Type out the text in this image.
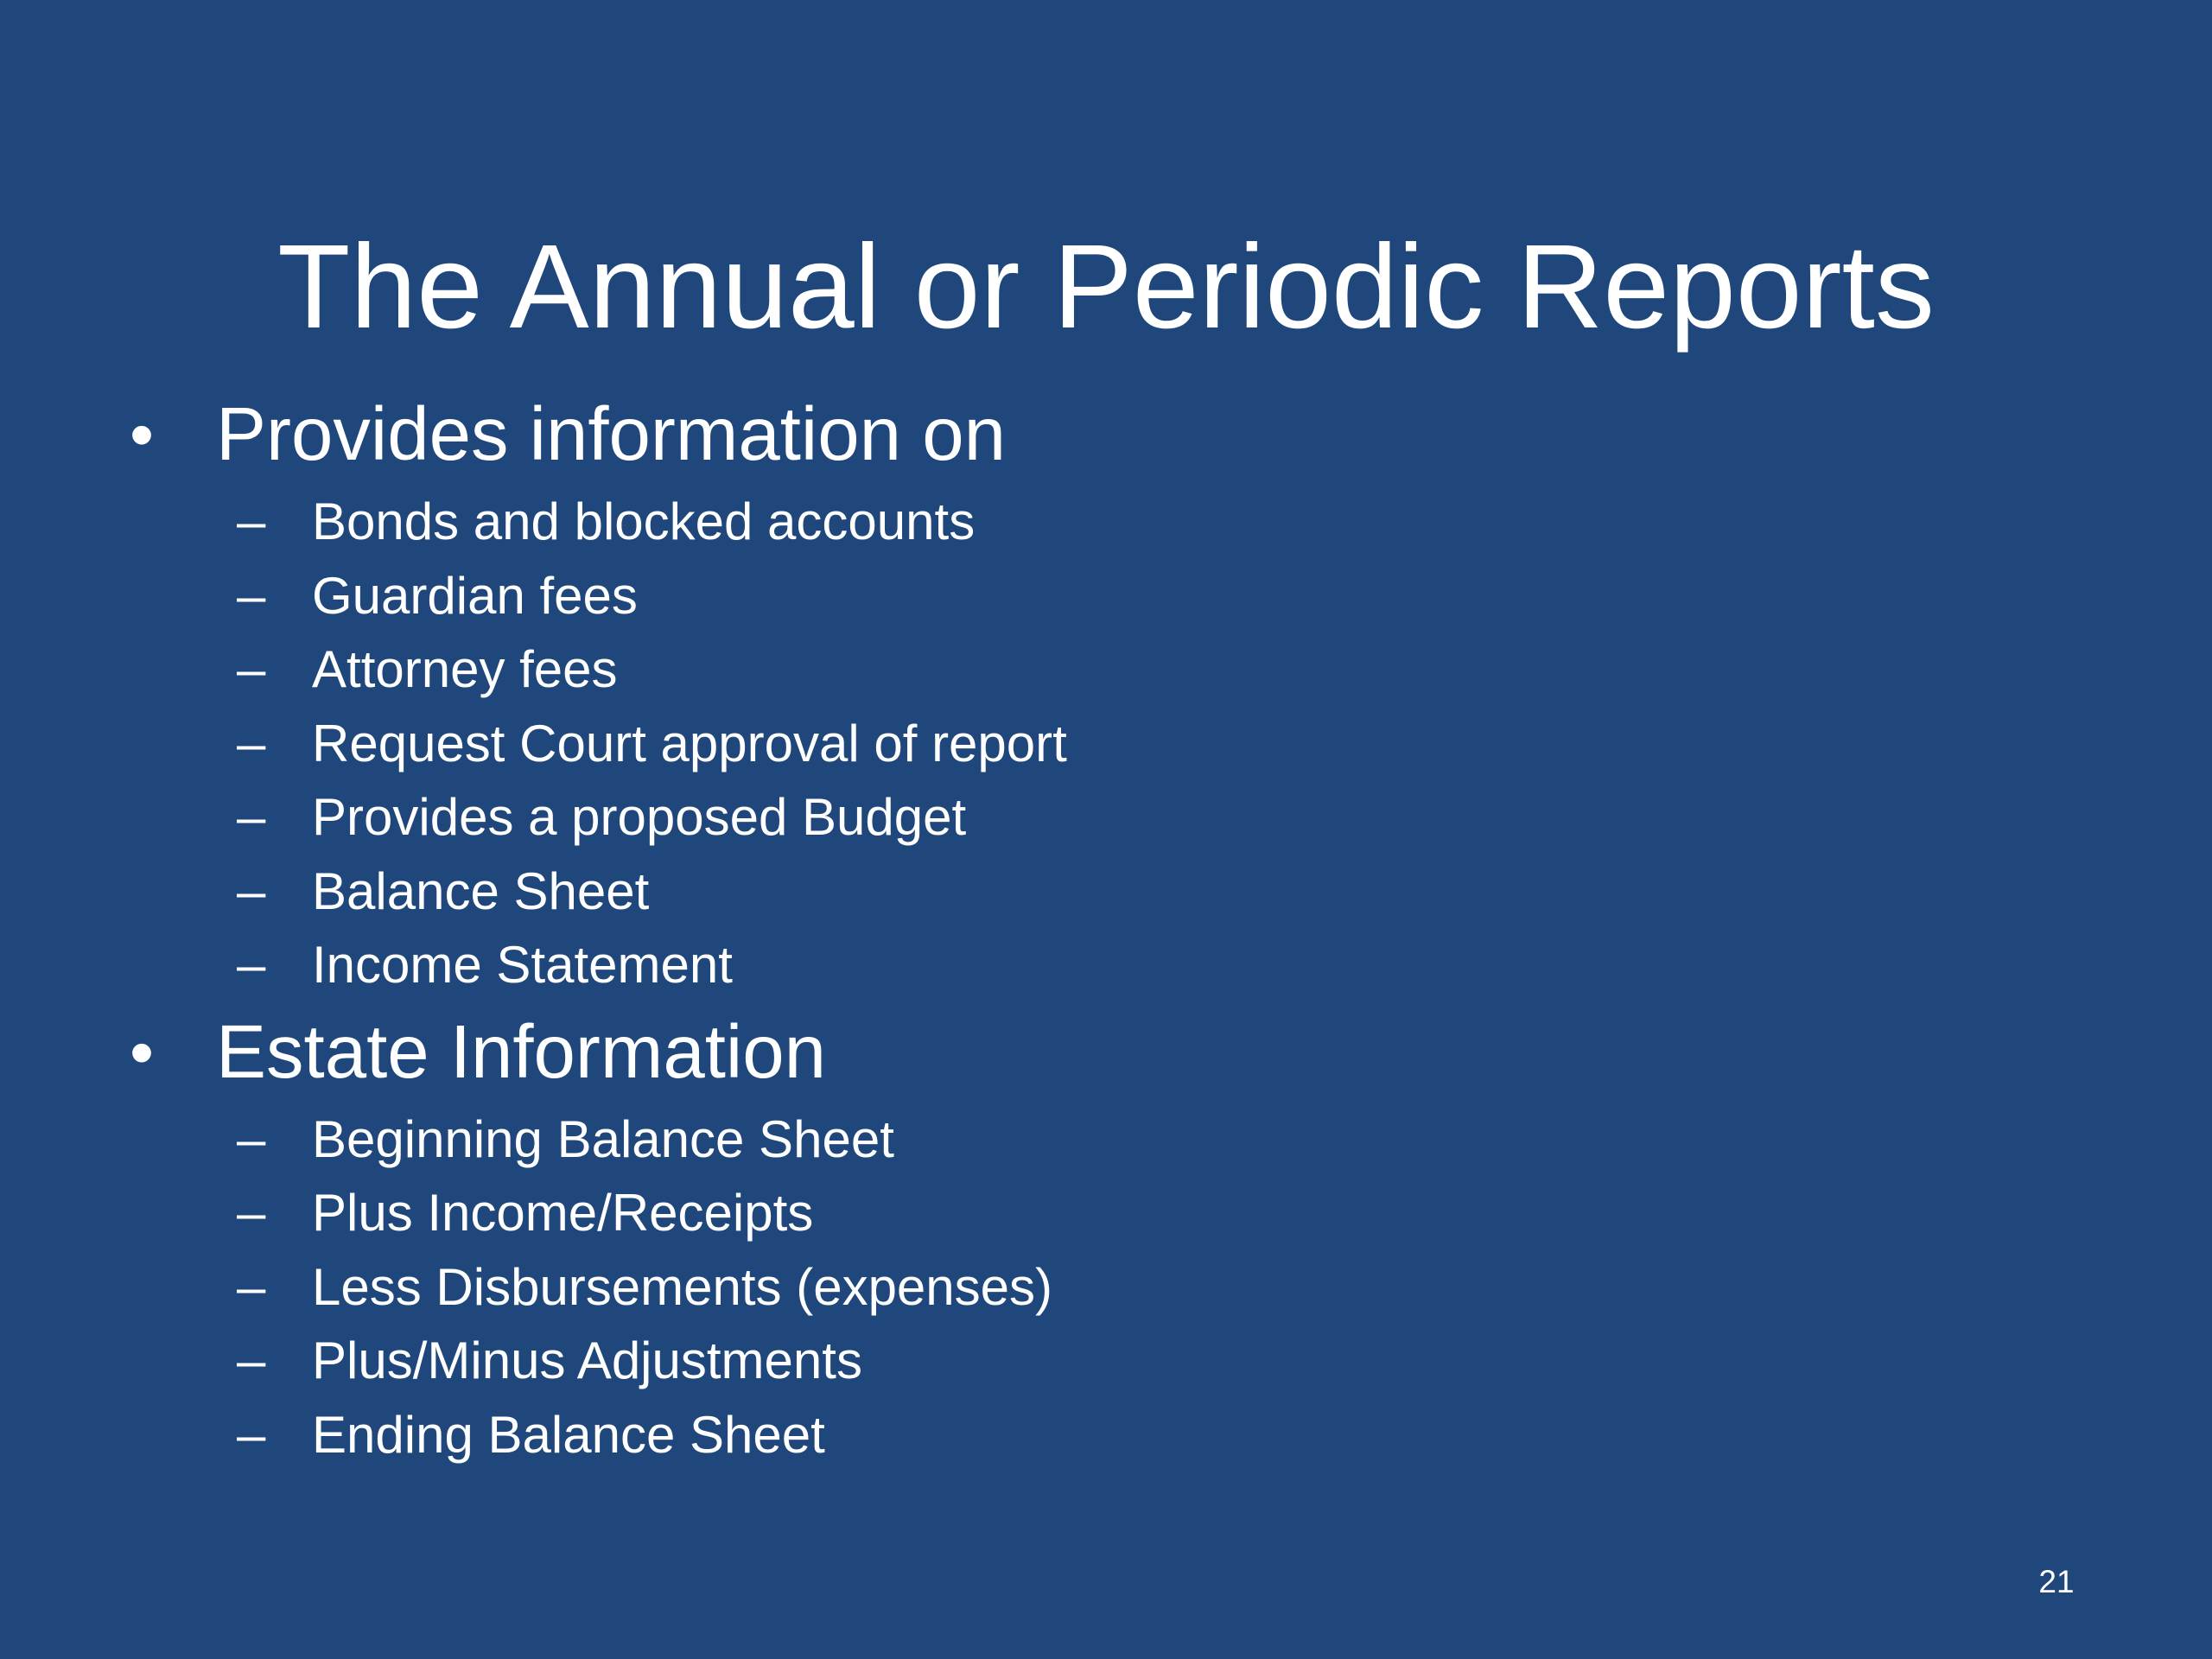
The Annual or Periodic Reports
• Provides information on
– Bonds and blocked accounts
– Guardian fees
– Attorney fees
– Request Court approval of report
– Provides a proposed Budget
– Balance Sheet
– Income Statement
• Estate Information
– Beginning Balance Sheet
– Plus Income/Receipts
– Less Disbursements (expenses)
– Plus/Minus Adjustments
– Ending Balance Sheet
21
